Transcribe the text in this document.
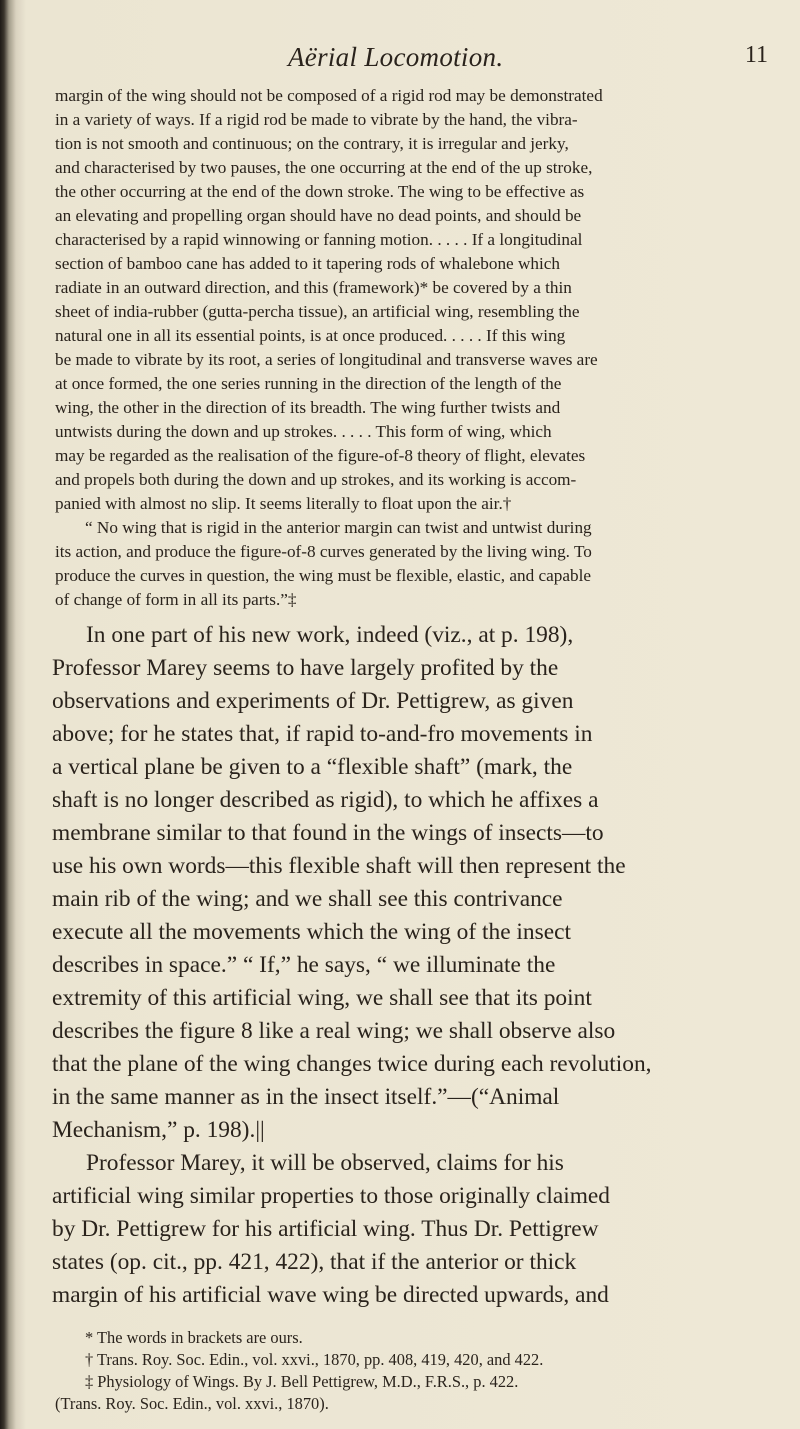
Aërial Locomotion.	11
margin of the wing should not be composed of a rigid rod may be demonstrated
in a variety of ways. If a rigid rod be made to vibrate by the hand, the vibra-
tion is not smooth and continuous; on the contrary, it is irregular and jerky,
and characterised by two pauses, the one occurring at the end of the up stroke,
the other occurring at the end of the down stroke. The wing to be effective as
an elevating and propelling organ should have no dead points, and should be
characterised by a rapid winnowing or fanning motion. . . . . If a longitudinal
section of bamboo cane has added to it tapering rods of whalebone which
radiate in an outward direction, and this (framework)* be covered by a thin
sheet of india-rubber (gutta-percha tissue), an artificial wing, resembling the
natural one in all its essential points, is at once produced. . . . . If this wing
be made to vibrate by its root, a series of longitudinal and transverse waves are
at once formed, the one series running in the direction of the length of the
wing, the other in the direction of its breadth. The wing further twists and
untwists during the down and up strokes. . . . . This form of wing, which
may be regarded as the realisation of the figure-of-8 theory of flight, elevates
and propels both during the down and up strokes, and its working is accom-
panied with almost no slip. It seems literally to float upon the air.†
“ No wing that is rigid in the anterior margin can twist and untwist during
its action, and produce the figure-of-8 curves generated by the living wing. To
produce the curves in question, the wing must be flexible, elastic, and capable
of change of form in all its parts.”‡
In one part of his new work, indeed (viz., at p. 198),
Professor Marey seems to have largely profited by the
observations and experiments of Dr. Pettigrew, as given
above; for he states that, if rapid to-and-fro movements in
a vertical plane be given to a “flexible shaft” (mark, the
shaft is no longer described as rigid), to which he affixes a
membrane similar to that found in the wings of insects—to
use his own words—this flexible shaft will then represent the
main rib of the wing; and we shall see this contrivance
execute all the movements which the wing of the insect
describes in space.” “ If,” he says, “ we illuminate the
extremity of this artificial wing, we shall see that its point
describes the figure 8 like a real wing; we shall observe also
that the plane of the wing changes twice during each revolution,
in the same manner as in the insect itself.”—(“Animal
Mechanism,” p. 198).||
Professor Marey, it will be observed, claims for his
artificial wing similar properties to those originally claimed
by Dr. Pettigrew for his artificial wing. Thus Dr. Pettigrew
states (op. cit., pp. 421, 422), that if the anterior or thick
margin of his artificial wave wing be directed upwards, and
* The words in brackets are ours.
† Trans. Roy. Soc. Edin., vol. xxvi., 1870, pp. 408, 419, 420, and 422.
‡ Physiology of Wings. By J. Bell Pettigrew, M.D., F.R.S., p. 422.
(Trans. Roy. Soc. Edin., vol. xxvi., 1870).
